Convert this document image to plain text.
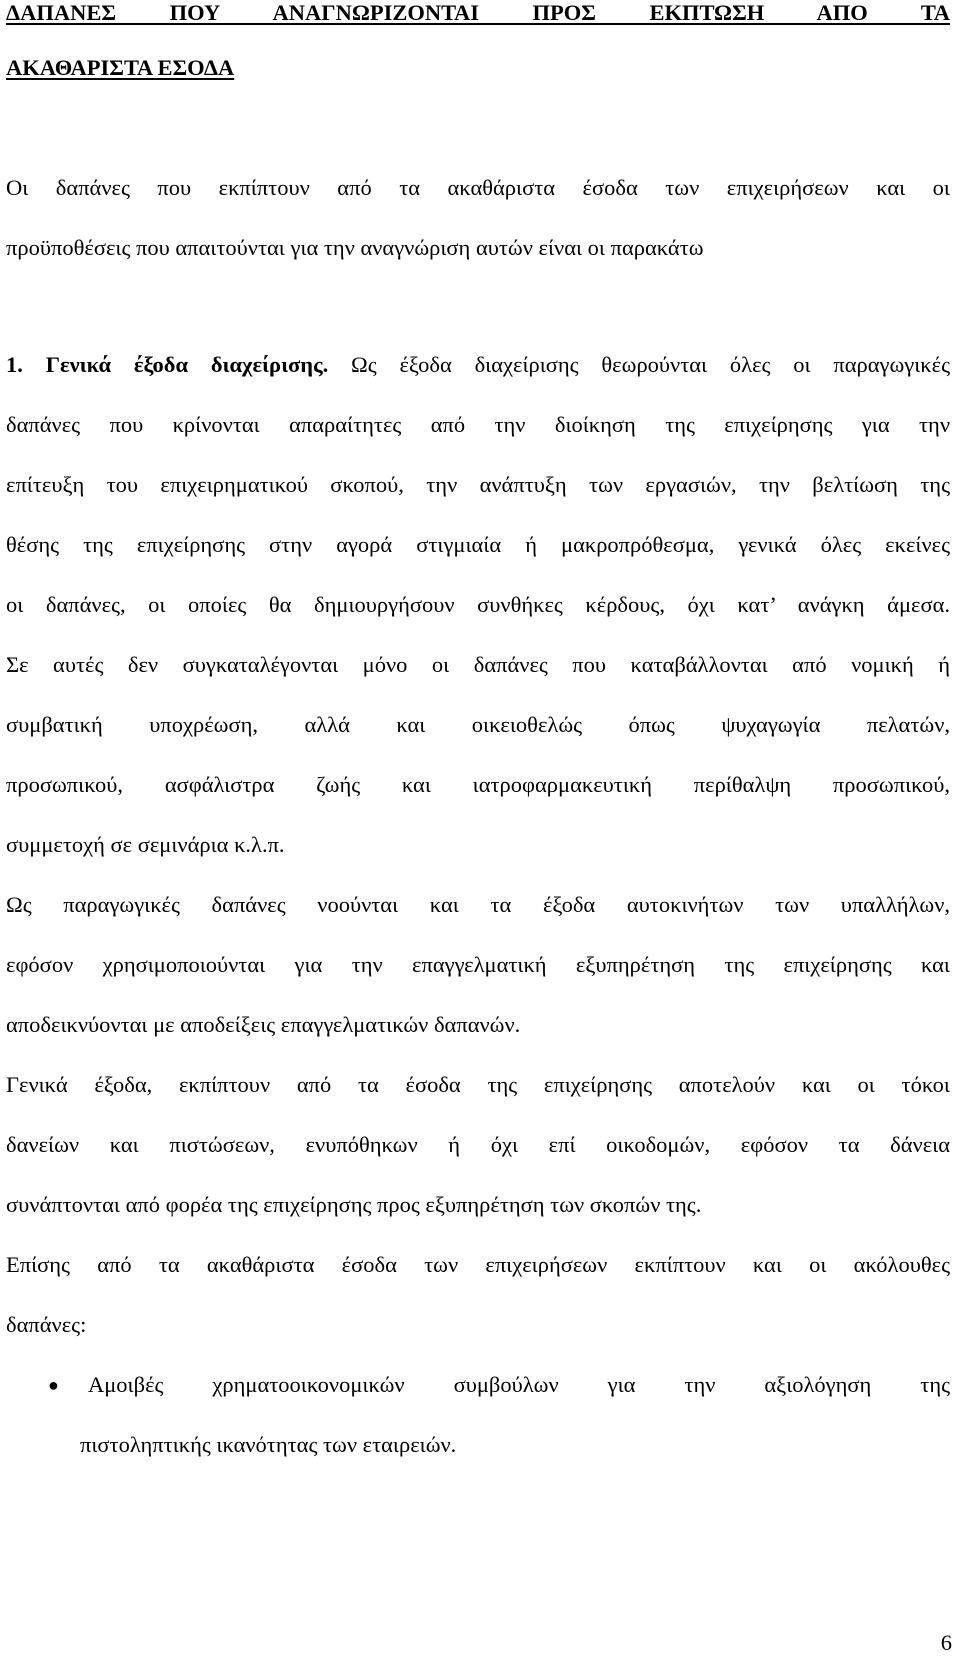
ΔΑΠΑΝΕΣ ΠΟΥ ΑΝΑΓΝΩΡΙΖΟΝΤΑΙ ΠΡΟΣ ΕΚΠΤΩΣΗ ΑΠΟ ΤΑ
ΑΚΑΘΑΡΙΣΤΑ ΕΣΟΔΑ

Οι δαπάνες που εκπίπτουν από τα ακαθάριστα έσοδα των επιχειρήσεων και οι

προϋποθέσεις που απαιτούνται για την αναγνώριση αυτών είναι οι παρακάτω

1. Γενικά έξοδα διαχείρισης. Ως έξοδα διαχείρισης θεωρούνται όλες οι παραγωγικές

δαπάνες που κρίνονται απαραίτητες από την διοίκηση της επιχείρησης για την

επίτευξη του επιχειρηματικού σκοπού, την ανάπτυξη των εργασιών, την βελτίωση της

θέσης της επιχείρησης στην αγορά στιγμιαία ή μακροπρόθεσμα, γενικά όλες εκείνες

οι δαπάνες, οι οποίες θα δημιουργήσουν συνθήκες κέρδους, όχι κατ’ ανάγκη άμεσα.

Σε αυτές δεν συγκαταλέγονται μόνο οι δαπάνες που καταβάλλονται από νομική ή

συμβατική υποχρέωση, αλλά και οικειοθελώς όπως ψυχαγωγία πελατών,

προσωπικού, ασφάλιστρα ζωής και ιατροφαρμακευτική περίθαλψη προσωπικού,

συμμετοχή σε σεμινάρια κ.λ.π.

Ως παραγωγικές δαπάνες νοούνται και τα έξοδα αυτοκινήτων των υπαλλήλων,

εφόσον χρησιμοποιούνται για την επαγγελματική εξυπηρέτηση της επιχείρησης και

αποδεικνύονται με αποδείξεις επαγγελματικών δαπανών.

Γενικά έξοδα, εκπίπτουν από τα έσοδα της επιχείρησης αποτελούν και οι τόκοι

δανείων και πιστώσεων, ενυπόθηκων ή όχι επί οικοδομών, εφόσον τα δάνεια

συνάπτονται από φορέα της επιχείρησης προς εξυπηρέτηση των σκοπών της.

Επίσης από τα ακαθάριστα έσοδα των επιχειρήσεων εκπίπτουν και οι ακόλουθες

δαπάνες:

● Αμοιβές χρηματοοικονομικών συμβούλων για την αξιολόγηση της

πιστοληπτικής ικανότητας των εταιρειών.

6
